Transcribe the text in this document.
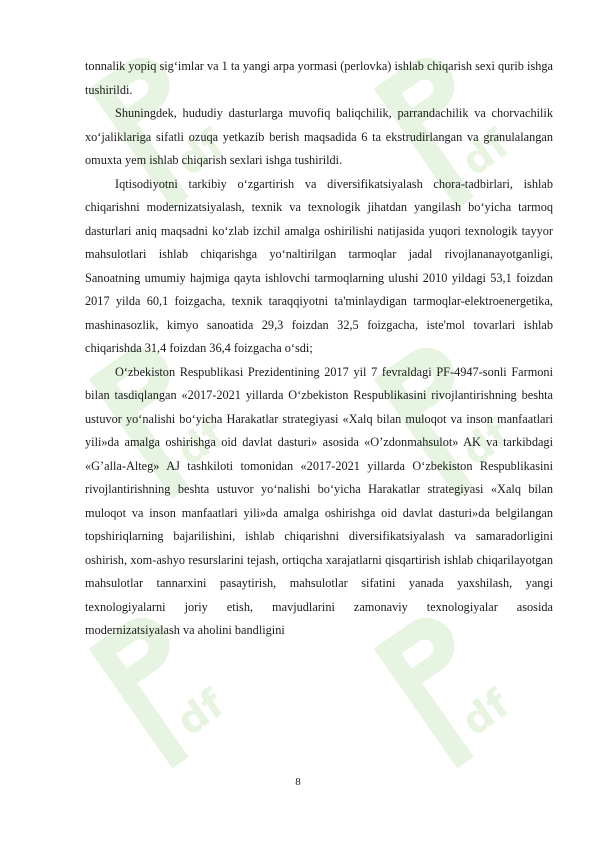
df	df
df	df
df	df

tonnalik yopiq sig‘imlar va 1 ta yangi arpa yormasi (perlovka) ishlab chiqarish sexi qurib ishga tushirildi.

Shuningdek, hududiy dasturlarga muvofiq baliqchilik, parrandachilik va chorvachilik xo‘jaliklariga sifatli ozuqa yetkazib berish maqsadida 6 ta ekstrudirlangan va granulalangan omuxta yem ishlab chiqarish sexlari ishga tushirildi.

Iqtisodiyotni tarkibiy o‘zgartirish va diversifikatsiyalash chora-tadbirlari, ishlab chiqarishni modernizatsiyalash, texnik va texnologik jihatdan yangilash bo‘yicha tarmoq dasturlari aniq maqsadni ko‘zlab izchil amalga oshirilishi natijasida yuqori texnologik tayyor mahsulotlari ishlab chiqarishga yo‘naltirilgan tarmoqlar jadal rivojlananayotganligi, Sanoatning umumiy hajmiga qayta ishlovchi tarmoqlarning ulushi 2010 yildagi 53,1 foizdan 2017 yilda 60,1 foizgacha, texnik taraqqiyotni ta'minlaydigan tarmoqlar-elektroenergetika, mashinasozlik, kimyo sanoatida 29,3 foizdan 32,5 foizgacha, iste'mol tovarlari ishlab chiqarishda 31,4 foizdan 36,4 foizgacha o‘sdi;

O‘zbekiston Respublikasi Prezidentining 2017 yil 7 fevraldagi PF-4947-sonli Farmoni bilan tasdiqlangan «2017-2021 yillarda O‘zbekiston Respublikasini rivojlantirishning beshta ustuvor yo‘nalishi bo‘yicha Harakatlar strategiyasi «Xalq bilan muloqot va inson manfaatlari yili»da amalga oshirishga oid davlat dasturi» asosida «O’zdonmahsulot» AK va tarkibdagi «G’alla-Alteg» AJ tashkiloti tomonidan «2017-2021 yillarda O‘zbekiston Respublikasini rivojlantirishning beshta ustuvor yo‘nalishi bo‘yicha Harakatlar strategiyasi «Xalq bilan muloqot va inson manfaatlari yili»da amalga oshirishga oid davlat dasturi»da belgilangan topshiriqlarning bajarilishini, ishlab chiqarishni diversifikatsiyalash va samaradorligini oshirish, xom-ashyo resurslarini tejash, ortiqcha xarajatlarni qisqartirish ishlab chiqarilayotgan mahsulotlar tannarxini pasaytirish, mahsulotlar sifatini yanada yaxshilash, yangi texnologiyalarni joriy etish, mavjudlarini zamonaviy texnologiyalar asosida modernizatsiyalash va aholini bandligini

8
